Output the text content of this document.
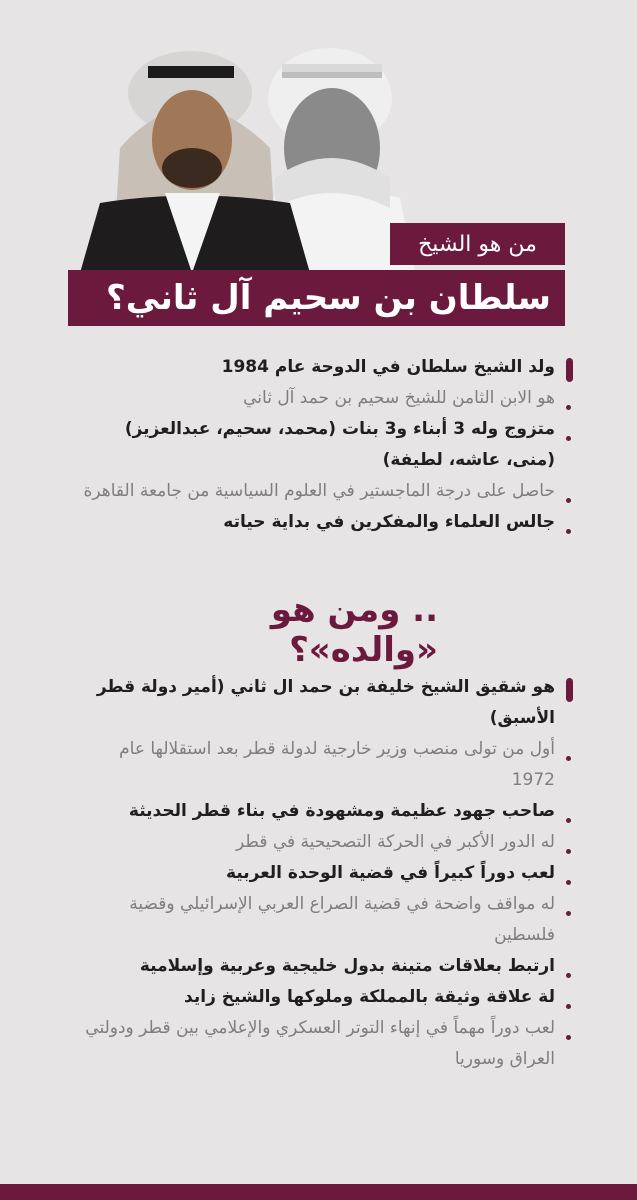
من هو الشيخ
سلطان بن سحيم آل ثاني؟
ولد الشيخ سلطان في الدوحة عام 1984
هو الابن الثامن للشيخ سحيم بن حمد آل ثاني
متزوج وله 3 أبناء و3 بنات (محمد، سحيم، عبدالعزيز) (منى، عاشه، لطيفة)
حاصل على درجة الماجستير في العلوم السياسية من جامعة القاهرة
جالس العلماء والمفكرين في بداية حياته
.. ومن هو «والده»؟
هو شقيق الشيخ خليفة بن حمد ال ثاني (أمير دولة قطر الأسبق)
أول من تولى منصب وزير خارجية لدولة قطر بعد استقلالها عام 1972
صاحب جهود عظيمة ومشهودة في بناء قطر الحديثة
له الدور الأكبر في الحركة التصحيحية في قطر
لعب دوراً كبيراً في قضية الوحدة العربية
له مواقف واضحة في قضية الصراع العربي الإسرائيلي وقضية فلسطين
ارتبط بعلاقات متينة بدول خليجية وعربية وإسلامية
لة علاقة وثيقة بالمملكة وملوكها والشيخ زايد
لعب دوراً مهماً في إنهاء التوتر العسكري والإعلامي بين قطر ودولتي العراق وسوريا
